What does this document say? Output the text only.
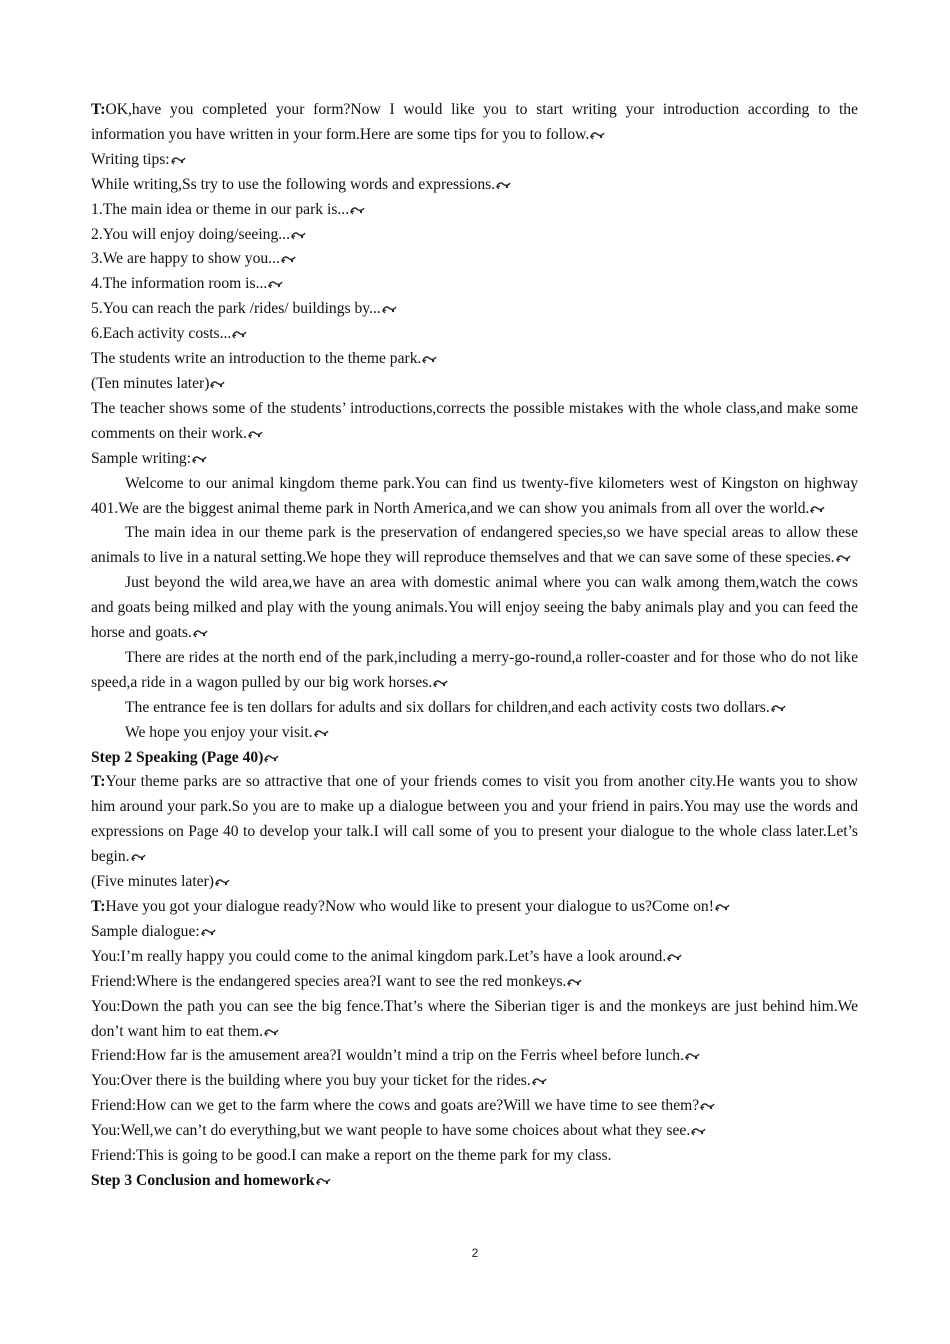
T:OK,have you completed your form?Now I would like you to start writing your introduction according to the information you have written in your form.Here are some tips for you to follow.

Writing tips:

While writing,Ss try to use the following words and expressions.

1.The main idea or theme in our park is...

2.You will enjoy doing/seeing...

3.We are happy to show you...

4.The information room is...

5.You can reach the park /rides/ buildings by...

6.Each activity costs...

The students write an introduction to the theme park.

(Ten minutes later)

The teacher shows some of the students’ introductions,corrects the possible mistakes with the whole class,and make some comments on their work.

Sample writing:

Welcome to our animal kingdom theme park.You can find us twenty-five kilometers west of Kingston on highway 401.We are the biggest animal theme park in North America,and we can show you animals from all over the world.

The main idea in our theme park is the preservation of endangered species,so we have special areas to allow these animals to live in a natural setting.We hope they will reproduce themselves and that we can save some of these species.

Just beyond the wild area,we have an area with domestic animal where you can walk among them,watch the cows and goats being milked and play with the young animals.You will enjoy seeing the baby animals play and you can feed the horse and goats.

There are rides at the north end of the park,including a merry-go-round,a roller-coaster and for those who do not like speed,a ride in a wagon pulled by our big work horses.

The entrance fee is ten dollars for adults and six dollars for children,and each activity costs two dollars.

We hope you enjoy your visit.

Step 2 Speaking (Page 40)

T:Your theme parks are so attractive that one of your friends comes to visit you from another city.He wants you to show him around your park.So you are to make up a dialogue between you and your friend in pairs.You may use the words and expressions on Page 40 to develop your talk.I will call some of you to present your dialogue to the whole class later.Let’s begin.

(Five minutes later)

T:Have you got your dialogue ready?Now who would like to present your dialogue to us?Come on!

Sample dialogue:

You:I’m really happy you could come to the animal kingdom park.Let’s have a look around.

Friend:Where is the endangered species area?I want to see the red monkeys.

You:Down the path you can see the big fence.That’s where the Siberian tiger is and the monkeys are just behind him.We don’t want him to eat them.

Friend:How far is the amusement area?I wouldn’t mind a trip on the Ferris wheel before lunch.

You:Over there is the building where you buy your ticket for the rides.

Friend:How can we get to the farm where the cows and goats are?Will we have time to see them?

You:Well,we can’t do everything,but we want people to have some choices about what they see.

Friend:This is going to be good.I can make a report on the theme park for my class.

Step 3 Conclusion and homework

2
